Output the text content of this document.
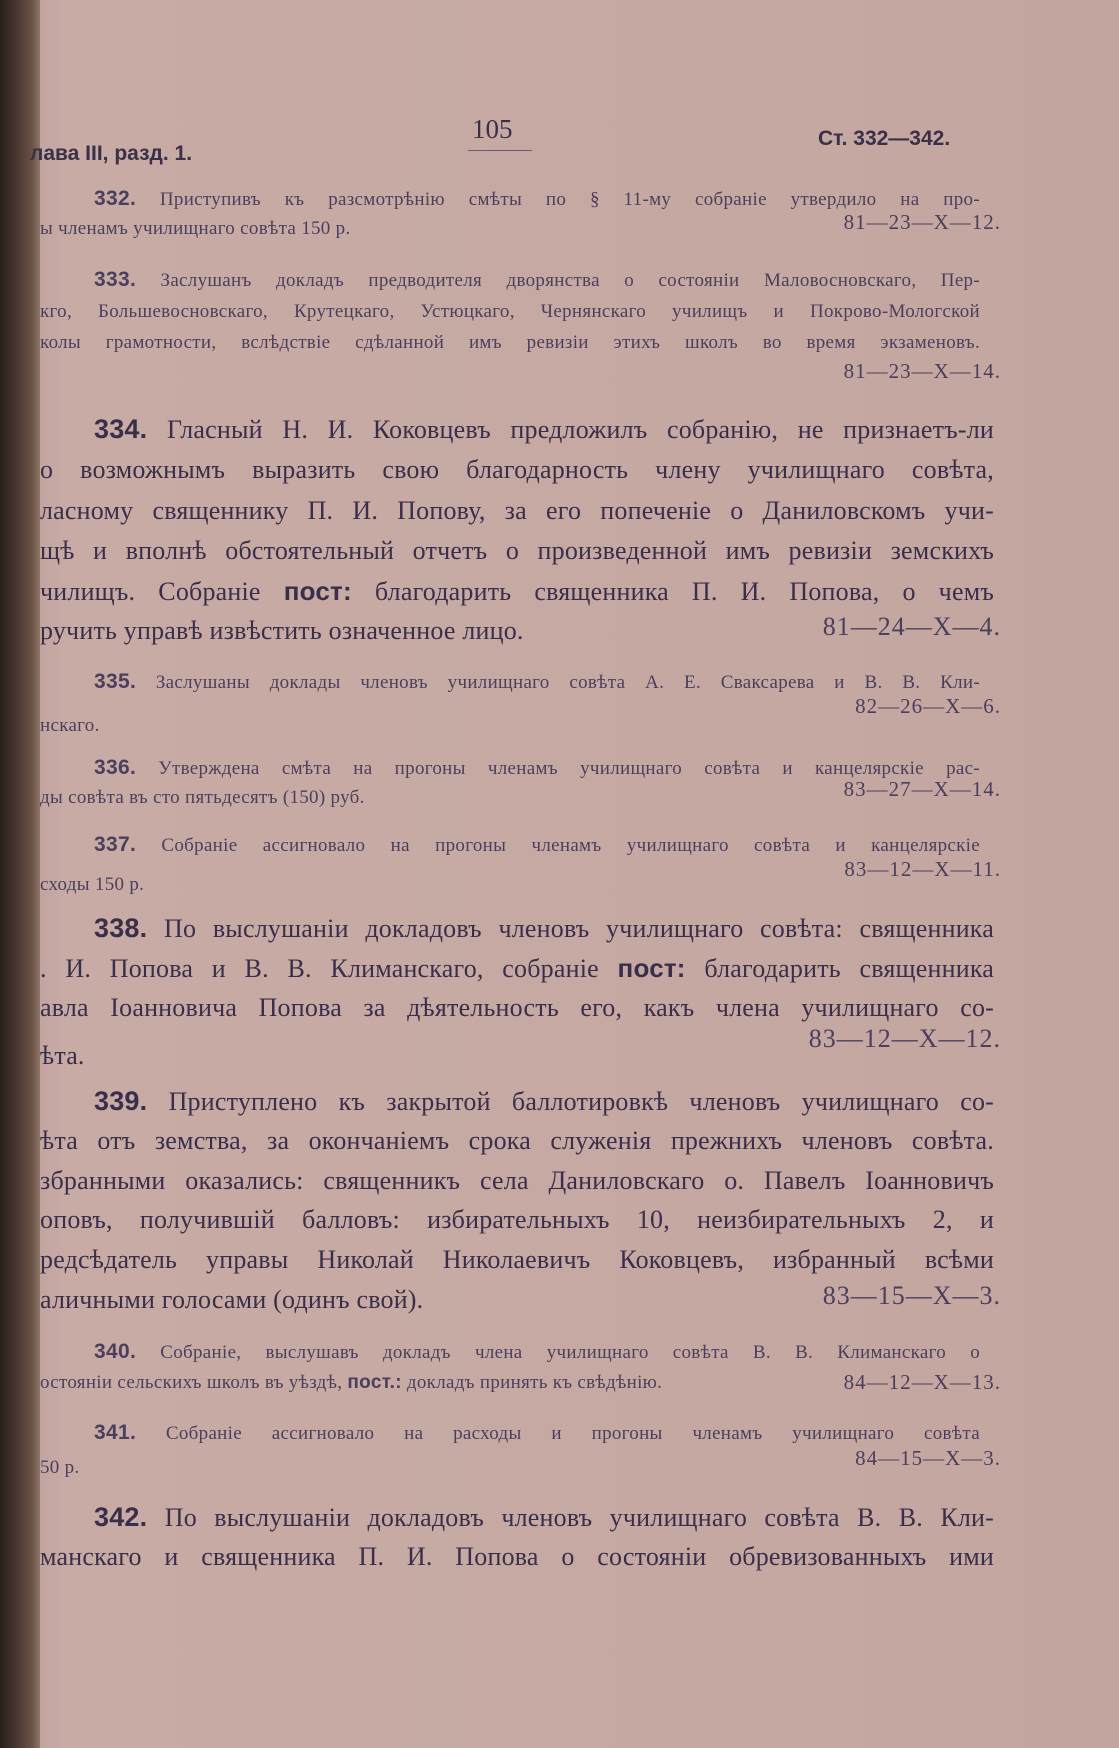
лава III, разд. 1.
105	Ст. 332—342.
332. Приступивъ къ разсмотрѣнію смѣты по § 11-му собраніе утвердило на про-
ы членамъ училищнаго совѣта 150 р.	81—23—X—12.
333. Заслушанъ докладъ предводителя дворянства о состояніи Маловосновскаго, Пер-
кго, Большевосновскаго, Крутецкаго, Устюцкаго, Чернянскаго училищъ и Покрово-Мологской
колы грамотности, вслѣдствіе сдѣланной имъ ревизіи этихъ школъ во время экзаменовъ.
81—23—X—14.
334. Гласный Н. И. Коковцевъ предложилъ собранію, не признаетъ-ли
о возможнымъ выразить свою благодарность члену училищнаго совѣта,
ласному священнику П. И. Попову, за его попеченіе о Даниловскомъ учи-
щѣ и вполнѣ обстоятельный отчетъ о произведенной имъ ревизіи земскихъ
чилищъ. Собраніе пост: благодарить священника П. И. Попова, о чемъ
ручить управѣ извѣстить означенное лицо.	81—24—X—4.
335. Заслушаны доклады членовъ училищнаго совѣта А. Е. Сваксарева и В. В. Кли-
нскаго.
82—26—X—6.
336. Утверждена смѣта на прогоны членамъ училищнаго совѣта и канцелярскіе рас-
ды совѣта въ сто пятьдесятъ (150) руб.	83—27—X—14.
337. Собраніе ассигновало на прогоны членамъ училищнаго совѣта и канцелярскіе
сходы 150 р.
83—12—X—11.
338. По выслушаніи докладовъ членовъ училищнаго совѣта: священника
. И. Попова и В. В. Климанскаго, собраніе пост: благодарить священника
авла Іоанновича Попова за дѣятельность его, какъ члена училищнаго со-
ѣта.
83—12—X—12.
339. Приступлено къ закрытой баллотировкѣ членовъ училищнаго со-
ѣта отъ земства, за окончаніемъ срока служенія прежнихъ членовъ совѣта.
збранными оказались: священникъ села Даниловскаго о. Павелъ Іоанновичъ
оповъ, получившій балловъ: избирательныхъ 10, неизбирательныхъ 2, и
редсѣдатель управы Николай Николаевичъ Коковцевъ, избранный всѣми
аличными голосами (одинъ свой).	83—15—X—3.
340. Собраніе, выслушавъ докладъ члена училищнаго совѣта В. В. Климанскаго о
остояніи сельскихъ школъ въ уѣздѣ, пост.: докладъ принять къ свѣдѣнію.	84—12—X—13.
341. Собраніе ассигновало на расходы и прогоны членамъ училищнаго совѣта
50 р.	84—15—X—3.
342. По выслушаніи докладовъ членовъ училищнаго совѣта В. В. Кли-
манскаго и священника П. И. Попова о состояніи обревизованныхъ ими
